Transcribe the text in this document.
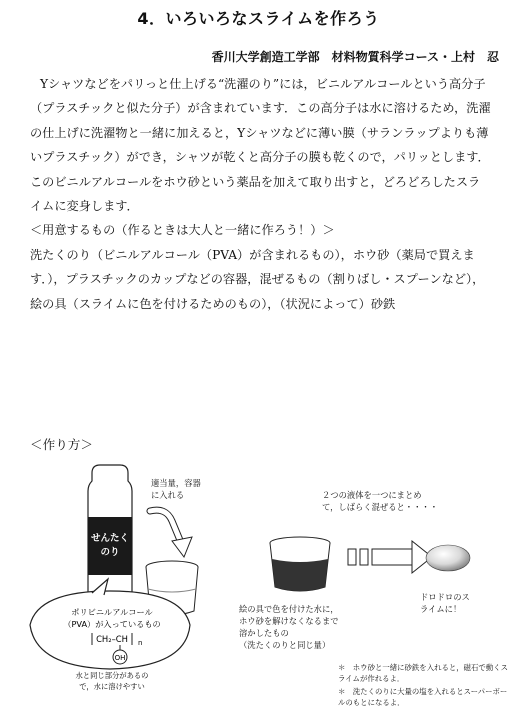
4．いろいろなスライムを作ろう
香川大学創造工学部　材料物質科学コース・上村　忍

Yシャツなどをパリっと仕上げる“洗濯のり”には，ビニルアルコールという高分子（プラスチックと似た分子）が含まれています．この高分子は水に溶けるため，洗濯の仕上げに洗濯物と一緒に加えると，Yシャツなどに薄い膜（サランラップよりも薄いプラスチック）ができ，シャツが乾くと高分子の膜も乾くので，パリッとします．このビニルアルコールをホウ砂という薬品を加えて取り出すと，どろどろしたスライムに変身します．

＜用意するもの（作るときは大人と一緒に作ろう！）＞

洗たくのり（ビニルアルコール（PVA）が含まれるもの），ホウ砂（薬局で買えます．），プラスチックのカップなどの容器，混ぜるもの（割りばし・スプーンなど），絵の具（スライムに色を付けるためのもの），（状況によって）砂鉄

＜作り方＞
せんたく
のり
ポリビニルアルコール
（PVA）が入っているもの
CH₂–CH
OH
n
水と同じ部分があるの
で，水に溶けやすい
適当量，容器
に入れる	２つの液体を一つにまとめ
て，しばらく混ぜると・・・・
ドロドロのス
ライムに！
絵の具で色を付けた水に，
ホウ砂を解けなくなるまで
溶かしたもの
（洗たくのりと同じ量）
＊　ホウ砂と一緒に砂鉄を入れると，磁石で動くスライムが作れるよ．
＊　洗たくのりに大量の塩を入れるとスーパーボールのもとになるよ．
